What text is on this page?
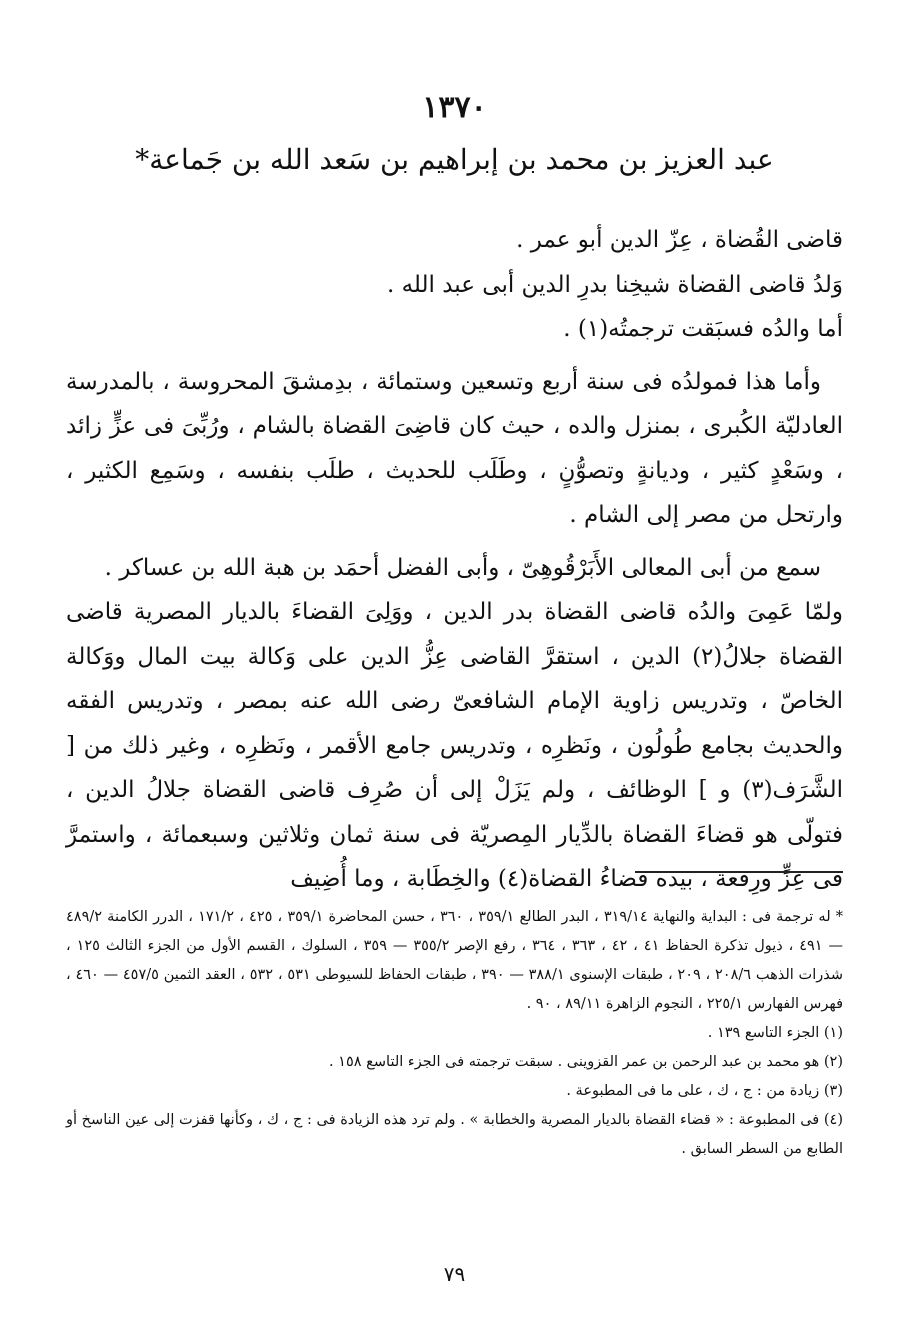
١٣٧٠
عبد العزيز بن محمد بن إبراهيم بن سَعد الله بن جَماعة*

قاضى القُضاة ، عِزّ الدين أبو عمر .

وَلدُ قاضى القضاة شيخِنا بدرِ الدين أبى عبد الله .

أما والدُه فسبَقت ترجمتُه(١) .

وأما هذا فمولدُه فى سنة أربع وتسعين وستمائة ، بدِمشقَ المحروسة ، بالمدرسة العادليّة الكُبرى ، بمنزل والده ، حيث كان قاضِىَ القضاة بالشام ، ورُبِّىَ فى عزٍّ زائد ، وسَعْدٍ كثير ، وديانةٍ وتصوُّنٍ ، وطَلَب للحديث ، طلَب بنفسه ، وسَمِع الكثير ، وارتحل من مصر إلى الشام .

سمع من أبى المعالى الأَبَرْقُوهِىّ ، وأبى الفضل أحمَد بن هبة الله بن عساكر .

ولمّا عَمِىَ والدُه قاضى القضاة بدر الدين ، ووَلِىَ القضاءَ بالديار المصرية قاضى القضاة جلالُ(٢) الدين ، استقرَّ القاضى عِزُّ الدين على وَكالة بيت المال ووَكالة الخاصّ ، وتدريس زاوية الإمام الشافعىّ رضى الله عنه بمصر ، وتدريس الفقه والحديث بجامع طُولُون ، ونَظرِه ، وتدريس جامع الأقمر ، ونَظرِه ، وغير ذلك من [ الشَّرَف(٣) و ] الوظائف ، ولم يَزَلْ إلى أن صُرِف قاضى القضاة جلالُ الدين ، فتولّى هو قضاءَ القضاة بالدِّيار المِصريّة فى سنة ثمان وثلاثين وسبعمائة ، واستمرَّ فى عِزٍّ ورِفعة ، بيده قضاءُ القضاة(٤) والخِطَابة ، وما أُضِيف

* له ترجمة فى : البداية والنهاية ٣١٩/١٤ ، البدر الطالع ٣٥٩/١ ، ٣٦٠ ، حسن المحاضرة ٣٥٩/١ ، ٤٢٥ ، ١٧١/٢ ، الدرر الكامنة ٤٨٩/٢ — ٤٩١ ، ذيول تذكرة الحفاظ ٤١ ، ٤٢ ، ٣٦٣ ، ٣٦٤ ، رفع الإصر ٣٥٥/٢ — ٣٥٩ ، السلوك ، القسم الأول من الجزء الثالث ١٢٥ ، شذرات الذهب ٢٠٨/٦ ، ٢٠٩ ، طبقات الإسنوى ٣٨٨/١ — ٣٩٠ ، طبقات الحفاظ للسيوطى ٥٣١ ، ٥٣٢ ، العقد الثمين ٤٥٧/٥ — ٤٦٠ ، فهرس الفهارس ٢٢٥/١ ، النجوم الزاهرة ٨٩/١١ ، ٩٠ .

(١) الجزء التاسع ١٣٩ .

(٢) هو محمد بن عبد الرحمن بن عمر القزوينى . سبقت ترجمته فى الجزء التاسع ١٥٨ .

(٣) زيادة من : ج ، ك ، على ما فى المطبوعة .

(٤) فى المطبوعة : « قضاء القضاة بالديار المصرية والخطابة » . ولم ترد هذه الزيادة فى : ج ، ك ، وكأنها قفزت إلى عين الناسخ أو الطابع من السطر السابق .

٧٩
